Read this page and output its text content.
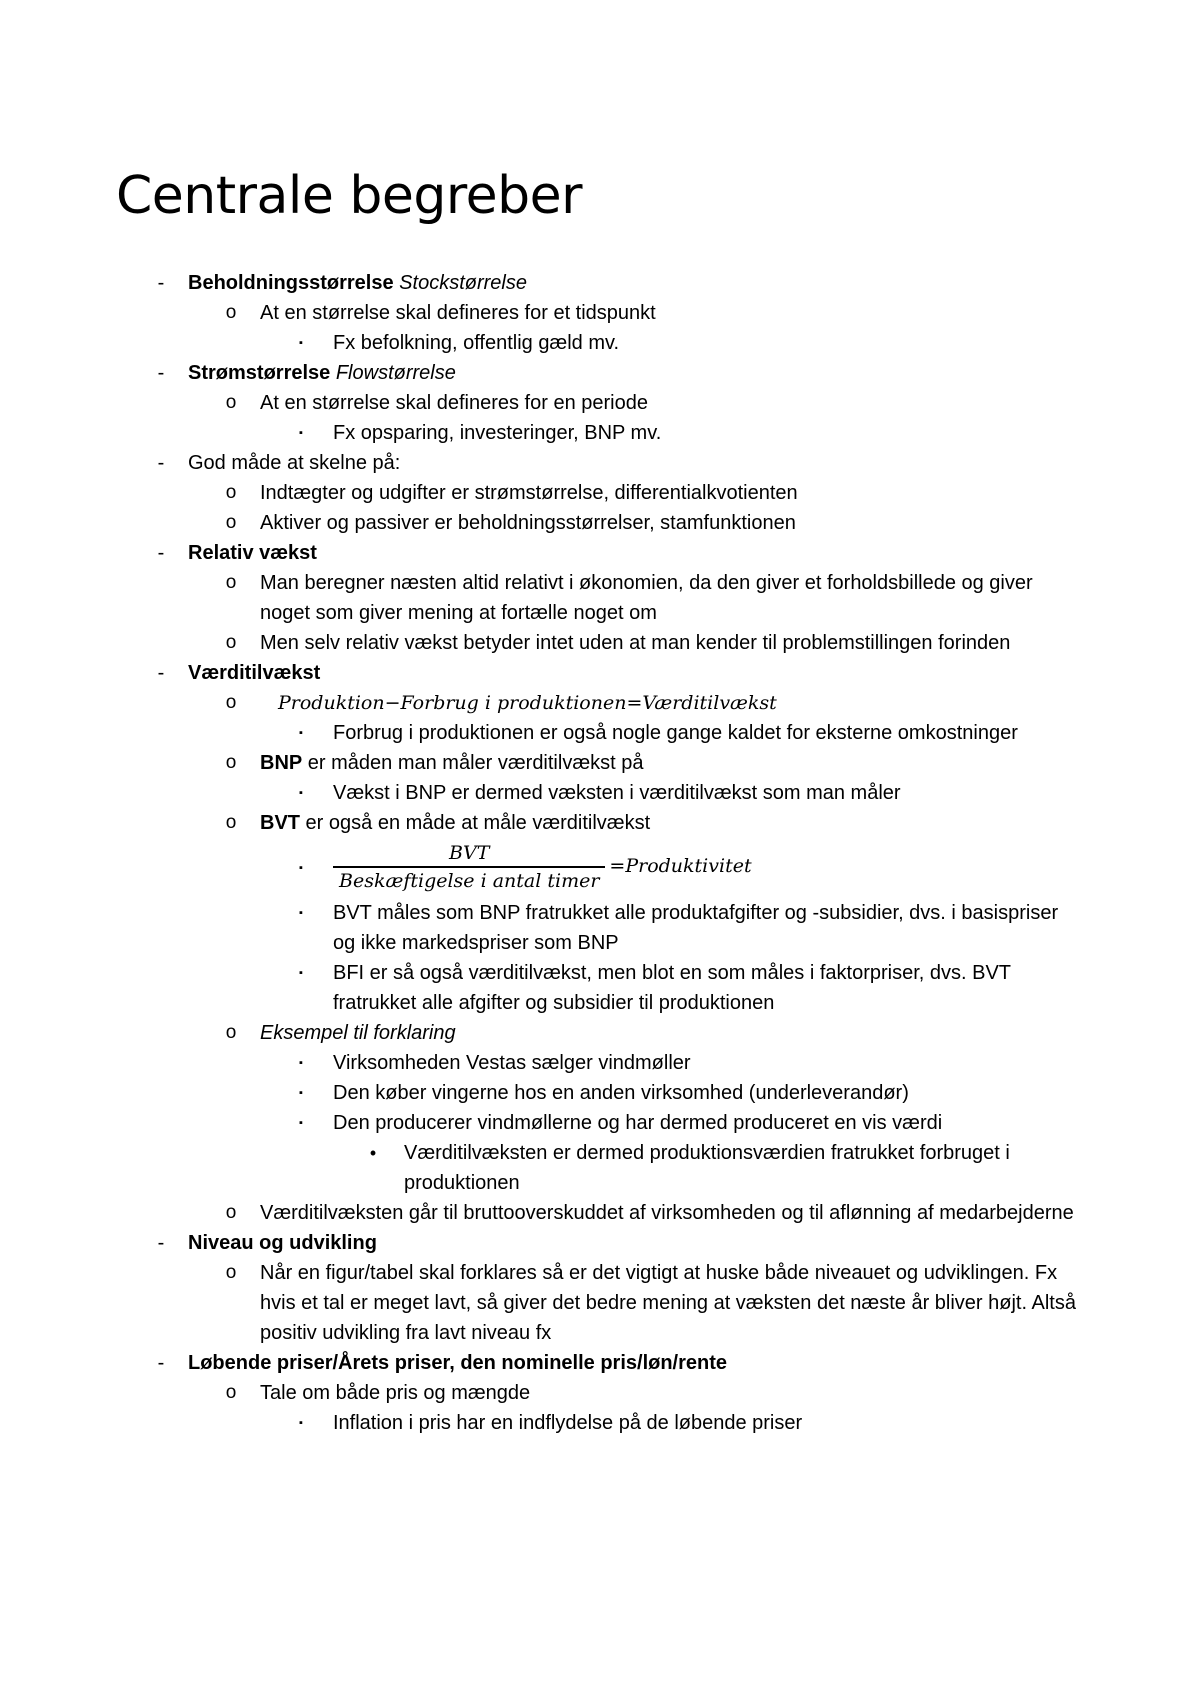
Centrale begreber
-	Beholdningsstørrelse Stockstørrelse
o At en størrelse skal defineres for et tidspunkt
▪	Fx befolkning, offentlig gæld mv.
-	Strømstørrelse Flowstørrelse
o At en størrelse skal defineres for en periode
▪	Fx opsparing, investeringer, BNP mv.
-	God måde at skelne på:
o Indtægter og udgifter er strømstørrelse, differentialkvotienten
o Aktiver og passiver er beholdningsstørrelser, stamfunktionen
-	Relativ vækst
o Man beregner næsten altid relativt i økonomien, da den giver et forholdsbillede og giver noget som giver mening at fortælle noget om
o Men selv relativ vækst betyder intet uden at man kender til problemstillingen forinden
-	Værditilvækst
o	Produktion−Forbrug i produktionen=Værditilvækst
▪	Forbrug i produktionen er også nogle gange kaldet for eksterne omkostninger
o BNP er måden man måler værditilvækst på
▪	Vækst i BNP er dermed væksten i værditilvækst som man måler
o BVT er også en måde at måle værditilvækst
▪	$\frac{\text{BVT}}{\text{Beskæftigelse i antal timer}}$ =Produktivitet
▪	BVT måles som BNP fratrukket alle produktafgifter og -subsidier, dvs. i basispriser og ikke markedspriser som BNP
▪	BFI er så også værditilvækst, men blot en som måles i faktorpriser, dvs. BVT fratrukket alle afgifter og subsidier til produktionen
o Eksempel til forklaring
▪	Virksomheden Vestas sælger vindmøller
▪	Den køber vingerne hos en anden virksomhed (underleverandør)
▪	Den producerer vindmøllerne og har dermed produceret en vis værdi
•	Værditilvæksten er dermed produktionsværdien fratrukket forbruget i produktionen
o Værditilvæksten går til bruttooverskuddet af virksomheden og til aflønning af medarbejderne
-	Niveau og udvikling
o Når en figur/tabel skal forklares så er det vigtigt at huske både niveauet og udviklingen. Fx hvis et tal er meget lavt, så giver det bedre mening at væksten det næste år bliver højt. Altså positiv udvikling fra lavt niveau fx
-	Løbende priser/Årets priser, den nominelle pris/løn/rente
o Tale om både pris og mængde
▪	Inflation i pris har en indflydelse på de løbende priser
